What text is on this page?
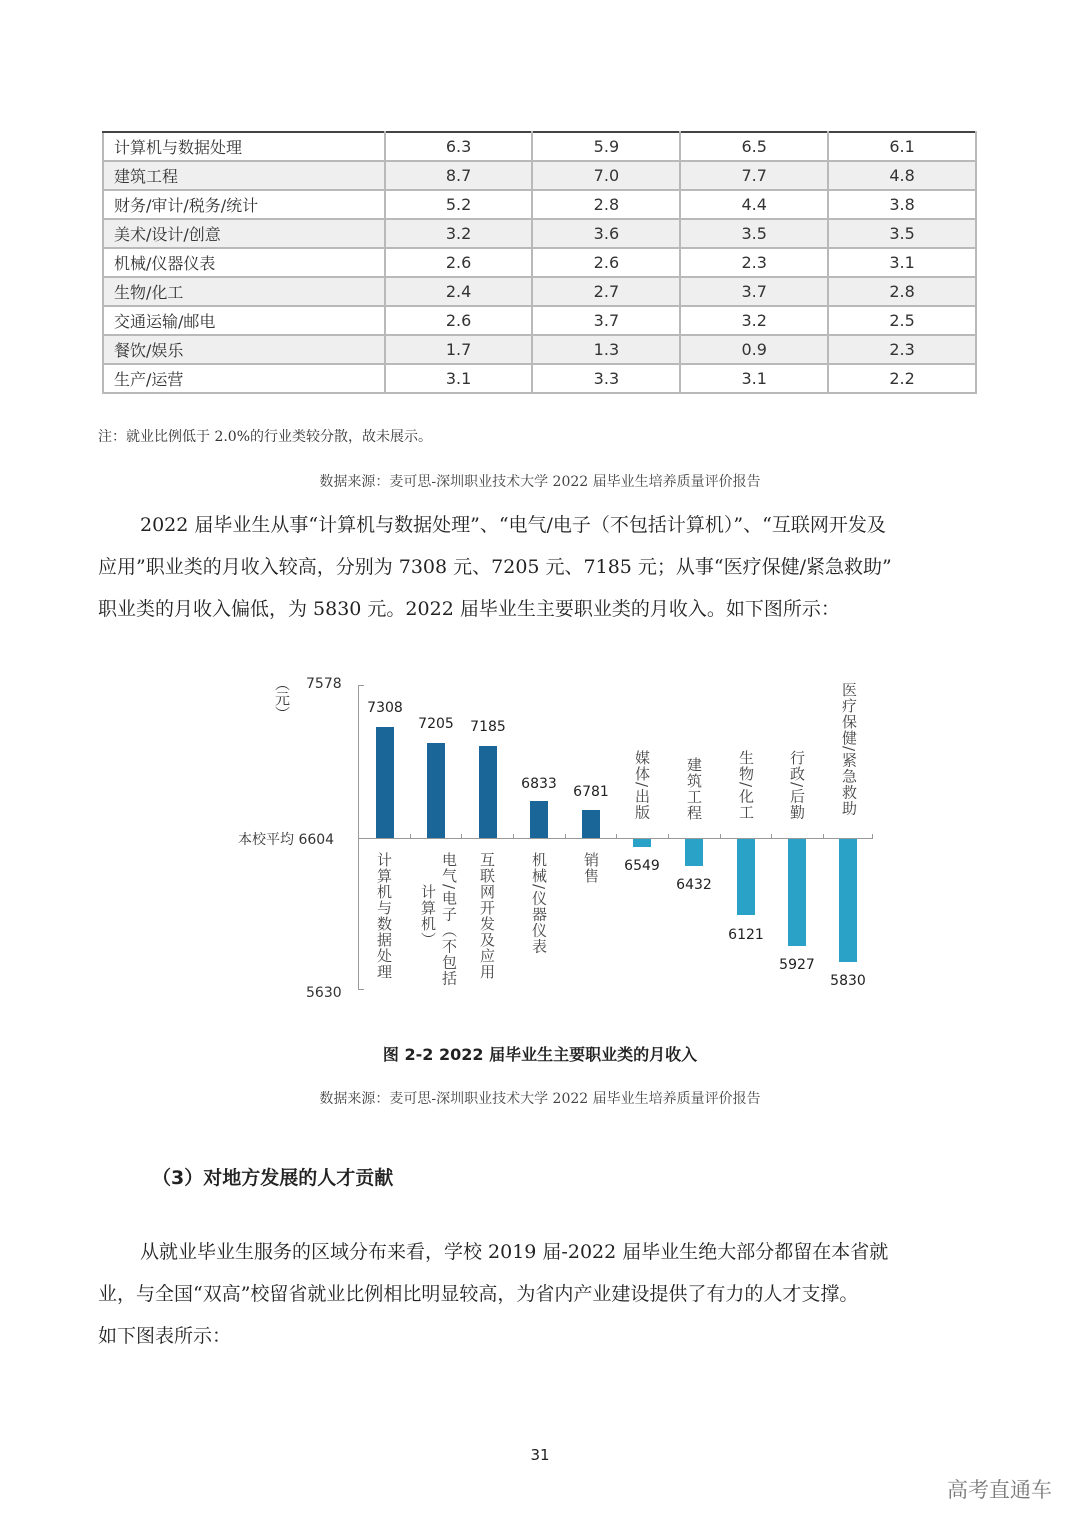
计算机与数据处理	6.3	5.9	6.5	6.1
建筑工程	8.7	7.0	7.7	4.8
财务/审计/税务/统计	5.2	2.8	4.4	3.8
美术/设计/创意	3.2	3.6	3.5	3.5
机械/仪器仪表	2.6	2.6	2.3	3.1
生物/化工	2.4	2.7	3.7	2.8
交通运输/邮电	2.6	3.7	3.2	2.5
餐饮/娱乐	1.7	1.3	0.9	2.3
生产/运营	3.1	3.3	3.1	2.2
注：就业比例低于 2.0%的行业类较分散，故未展示。
数据来源：麦可思-深圳职业技术大学 2022 届毕业生培养质量评价报告
2022 届毕业生从事“计算机与数据处理”、“电气/电子（不包括计算机）”、“互联网开发及
应用”职业类的月收入较高，分别为 7308 元、7205 元、7185 元；从事“医疗保健/紧急救助”
职业类的月收入偏低，为 5830 元。2022 届毕业生主要职业类的月收入。如下图所示：
（元） 7578
本校平均 6604
5630
7308
7205	7185
6833	6781
6549
6432
6121
5927
5830
计算机与数据处理	电气/电子（不包括
计算机）	互联网开发及应用 机械/仪器仪表 销售
媒体/出版 建筑工程 生物/化工 行政/后勤 医疗保健/紧急救助
图 2-2 2022 届毕业生主要职业类的月收入
数据来源：麦可思-深圳职业技术大学 2022 届毕业生培养质量评价报告
（3）对地方发展的人才贡献
从就业毕业生服务的区域分布来看，学校 2019 届-2022 届毕业生绝大部分都留在本省就
业，与全国“双高”校留省就业比例相比明显较高，为省内产业建设提供了有力的人才支撑。
如下图表所示：
31
高考直通车
